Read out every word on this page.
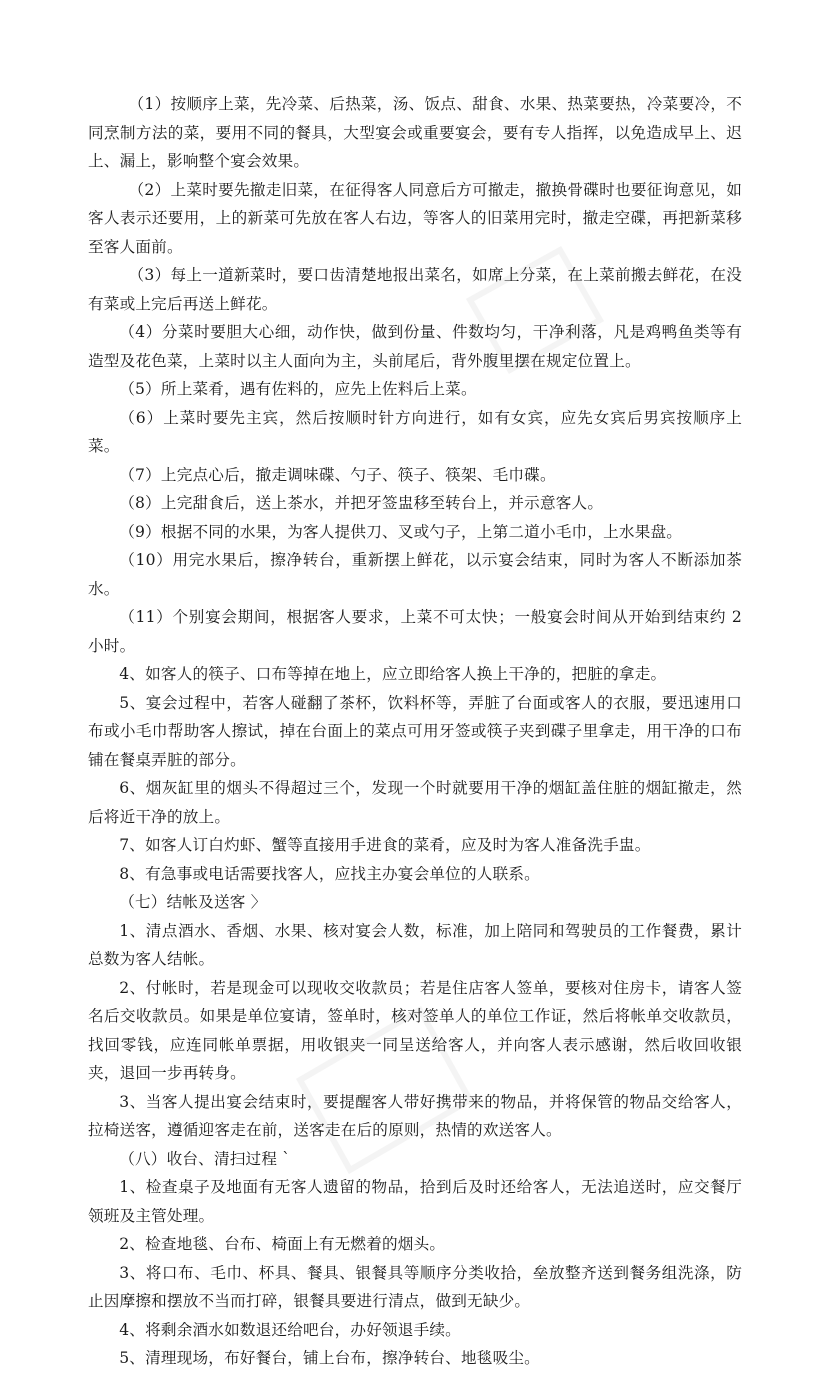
（1）按顺序上菜，先冷菜、后热菜，汤、饭点、甜食、水果、热菜要热，冷菜要冷，不同烹制方法的菜，要用不同的餐具，大型宴会或重要宴会，要有专人指挥，以免造成早上、迟上、漏上，影响整个宴会效果。

（2）上菜时要先撤走旧菜，在征得客人同意后方可撤走，撤换骨碟时也要征询意见，如客人表示还要用，上的新菜可先放在客人右边，等客人的旧菜用完时，撤走空碟，再把新菜移至客人面前。

（3）每上一道新菜时，要口齿清楚地报出菜名，如席上分菜，在上菜前搬去鲜花，在没有菜或上完后再送上鲜花。

（4）分菜时要胆大心细，动作快，做到份量、件数均匀，干净利落，凡是鸡鸭鱼类等有造型及花色菜，上菜时以主人面向为主，头前尾后，背外腹里摆在规定位置上。

（5）所上菜肴，遇有佐料的，应先上佐料后上菜。

（6）上菜时要先主宾，然后按顺时针方向进行，如有女宾，应先女宾后男宾按顺序上菜。

（7）上完点心后，撤走调味碟、勺子、筷子、筷架、毛巾碟。

（8）上完甜食后，送上茶水，并把牙签盅移至转台上，并示意客人。

（9）根据不同的水果，为客人提供刀、叉或勺子，上第二道小毛巾，上水果盘。

（10）用完水果后，擦净转台，重新摆上鲜花，以示宴会结束，同时为客人不断添加茶水。

（11）个别宴会期间，根据客人要求，上菜不可太快；一般宴会时间从开始到结束约 2 小时。

4、如客人的筷子、口布等掉在地上，应立即给客人换上干净的，把脏的拿走。

5、宴会过程中，若客人碰翻了茶杯，饮料杯等，弄脏了台面或客人的衣服，要迅速用口布或小毛巾帮助客人擦试，掉在台面上的菜点可用牙签或筷子夹到碟子里拿走，用干净的口布铺在餐桌弄脏的部分。

6、烟灰缸里的烟头不得超过三个，发现一个时就要用干净的烟缸盖住脏的烟缸撤走，然后将近干净的放上。

7、如客人订白灼虾、蟹等直接用手进食的菜肴，应及时为客人准备洗手盅。

8、有急事或电话需要找客人，应找主办宴会单位的人联系。

（七）结帐及送客 〉

1、清点酒水、香烟、水果、核对宴会人数，标准，加上陪同和驾驶员的工作餐费，累计总数为客人结帐。

2、付帐时，若是现金可以现收交收款员；若是住店客人签单，要核对住房卡，请客人签名后交收款员。如果是单位宴请，签单时，核对签单人的单位工作证，然后将帐单交收款员，找回零钱，应连同帐单票据，用收银夹一同呈送给客人，并向客人表示感谢，然后收回收银夹，退回一步再转身。

3、当客人提出宴会结束时，要提醒客人带好携带来的物品，并将保管的物品交给客人，拉椅送客，遵循迎客走在前，送客走在后的原则，热情的欢送客人。

（八）收台、清扫过程 `

1、检查桌子及地面有无客人遗留的物品，拾到后及时还给客人，无法追送时，应交餐厅领班及主管处理。

2、检查地毯、台布、椅面上有无燃着的烟头。

3、将口布、毛巾、杯具、餐具、银餐具等顺序分类收拾，垒放整齐送到餐务组洗涤，防止因摩擦和摆放不当而打碎，银餐具要进行清点，做到无缺少。

4、将剩余酒水如数退还给吧台，办好领退手续。

5、清理现场，布好餐台，铺上台布，擦净转台、地毯吸尘。
